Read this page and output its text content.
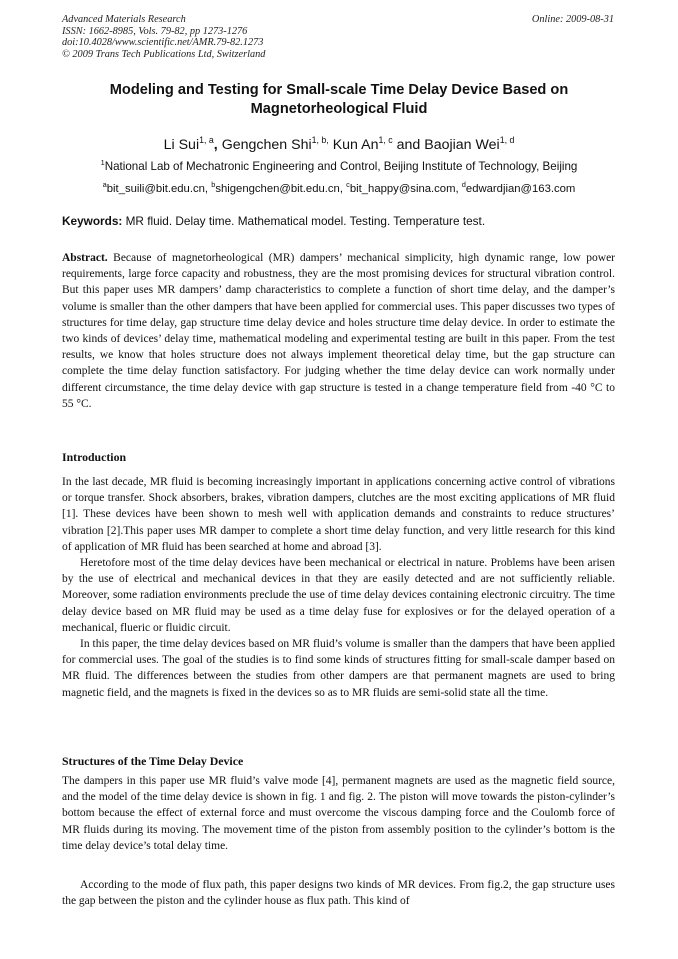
Advanced Materials Research
ISSN: 1662-8985, Vols. 79-82, pp 1273-1276
doi:10.4028/www.scientific.net/AMR.79-82.1273
© 2009 Trans Tech Publications Ltd, Switzerland
Online: 2009-08-31
Modeling and Testing for Small-scale Time Delay Device Based on
Magnetorheological Fluid
Li Sui$^{1, a}$, Gengchen Shi$^{1, b,}$ Kun An$^{1, c}$ and Baojian Wei$^{1, d}$
$^1$National Lab of Mechatronic Engineering and Control, Beijing Institute of Technology, Beijing
$^a$bit_suili@bit.edu.cn, $^b$shigengchen@bit.edu.cn, $^c$bit_happy@sina.com, $^d$edwardjian@163.com
Keywords: MR fluid. Delay time. Mathematical model. Testing. Temperature test.

Abstract. Because of magnetorheological (MR) dampers’ mechanical simplicity, high dynamic range, low power requirements, large force capacity and robustness, they are the most promising devices for structural vibration control. But this paper uses MR dampers’ damp characteristics to complete a function of short time delay, and the damper’s volume is smaller than the other dampers that have been applied for commercial uses. This paper discusses two types of structures for time delay, gap structure time delay device and holes structure time delay device. In order to estimate the two kinds of devices’ delay time, mathematical modeling and experimental testing are built in this paper. From the test results, we know that holes structure does not always implement theoretical delay time, but the gap structure can complete the time delay function satisfactory. For judging whether the time delay device can work normally under different circumstance, the time delay device with gap structure is tested in a change temperature field from -40 °C to 55 °C.

Introduction

In the last decade, MR fluid is becoming increasingly important in applications concerning active control of vibrations or torque transfer. Shock absorbers, brakes, vibration dampers, clutches are the most exciting applications of MR fluid [1]. These devices have been shown to mesh well with application demands and constraints to reduce structures’ vibration [2].This paper uses MR damper to complete a short time delay function, and very little research for this kind of application of MR fluid has been searched at home and abroad [3].

Heretofore most of the time delay devices have been mechanical or electrical in nature. Problems have been arisen by the use of electrical and mechanical devices in that they are easily detected and are not sufficiently reliable. Moreover, some radiation environments preclude the use of time delay devices containing electronic circuitry. The time delay device based on MR fluid may be used as a time delay fuse for explosives or for the delayed operation of a mechanical, flueric or fluidic circuit.

In this paper, the time delay devices based on MR fluid’s volume is smaller than the dampers that have been applied for commercial uses. The goal of the studies is to find some kinds of structures fitting for small-scale damper based on MR fluid. The differences between the studies from other dampers are that permanent magnets are used to bring magnetic field, and the magnets is fixed in the devices so as to MR fluids are semi-solid state all the time.

Structures of the Time Delay Device

The dampers in this paper use MR fluid’s valve mode [4], permanent magnets are used as the magnetic field source, and the model of the time delay device is shown in fig. 1 and fig. 2. The piston will move towards the piston-cylinder’s bottom because the effect of external force and must overcome the viscous damping force and the Coulomb force of MR fluids during its moving. The movement time of the piston from assembly position to the cylinder’s bottom is the time delay device’s total delay time.

According to the mode of flux path, this paper designs two kinds of MR devices. From fig.2, the gap structure uses the gap between the piston and the cylinder house as flux path. This kind of
